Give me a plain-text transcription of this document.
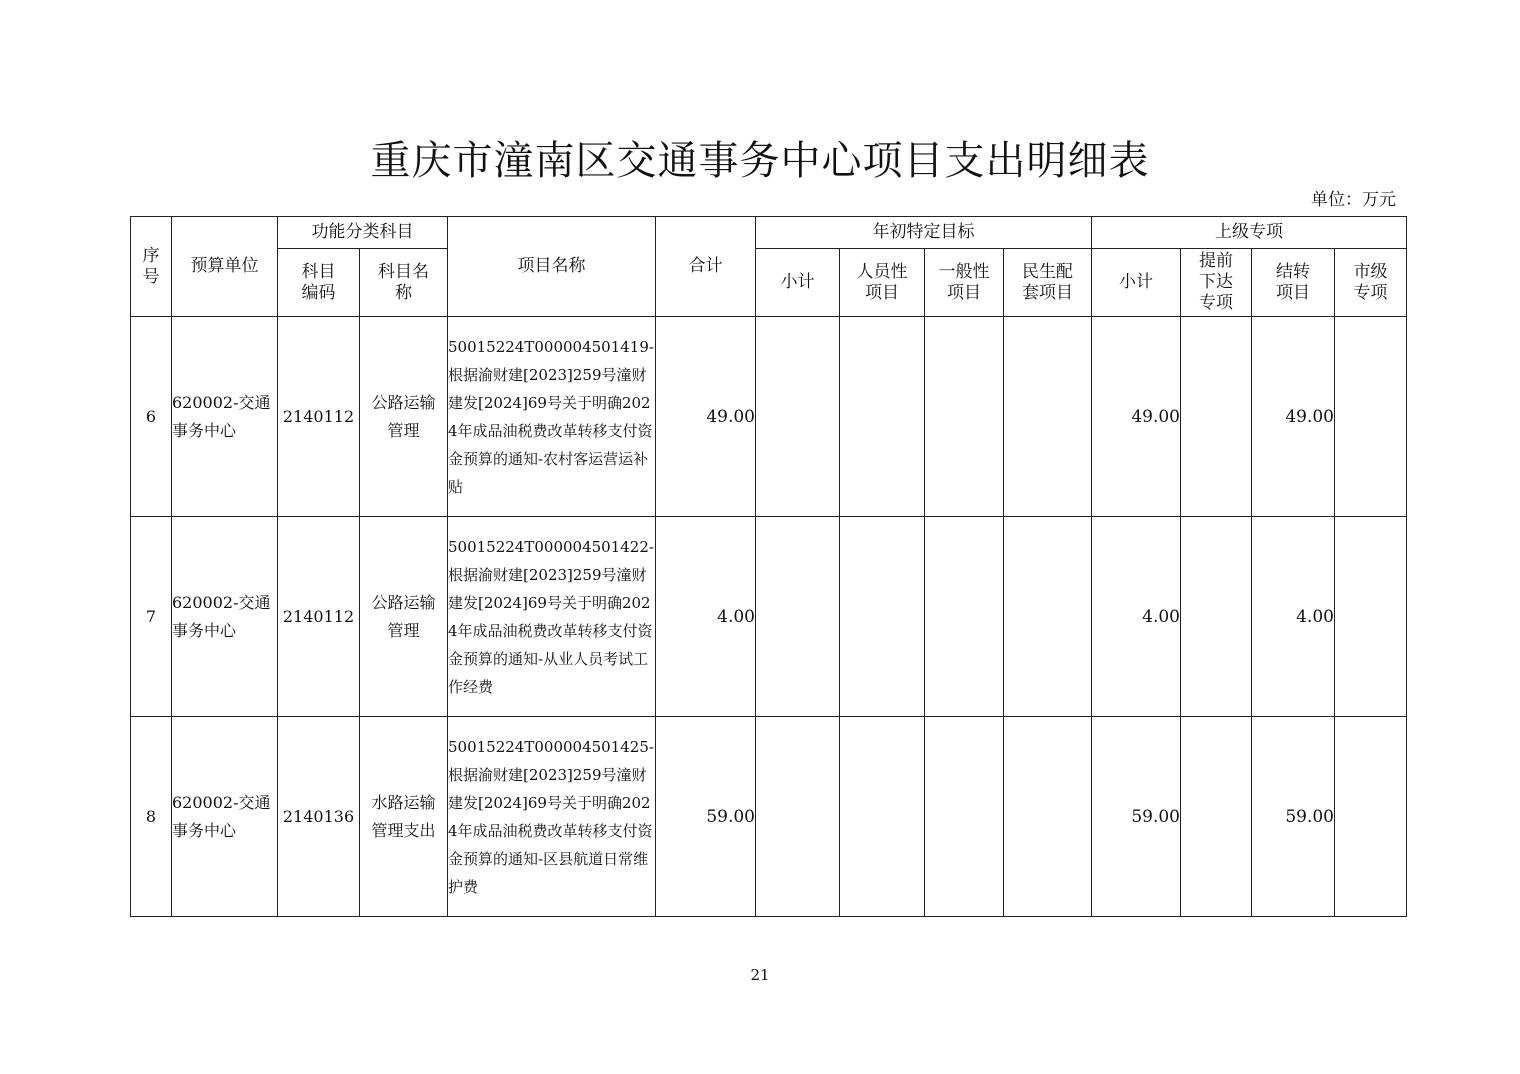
重庆市潼南区交通事务中心项目支出明细表
单位：万元
序号	预算单位	功能分类科目		项目名称	合计	年初特定目标				上级专项			
		科目编码	科目名称			小计	人员性项目	一般性项目	民生配套项目	小计	提前下达专项	结转项目	市级专项
6	620002-交通事务中心	2140112	公路运输管理	50015224T000004501419-根据渝财建[2023]259号潼财建发[2024]69号关于明确2024年成品油税费改革转移支付资金预算的通知-农村客运营运补贴	49.00					49.00		49.00	
7	620002-交通事务中心	2140112	公路运输管理	50015224T000004501422-根据渝财建[2023]259号潼财建发[2024]69号关于明确2024年成品油税费改革转移支付资金预算的通知-从业人员考试工作经费	4.00					4.00		4.00	
8	620002-交通事务中心	2140136	水路运输管理支出	50015224T000004501425-根据渝财建[2023]259号潼财建发[2024]69号关于明确2024年成品油税费改革转移支付资金预算的通知-区县航道日常维护费	59.00					59.00		59.00	
21
